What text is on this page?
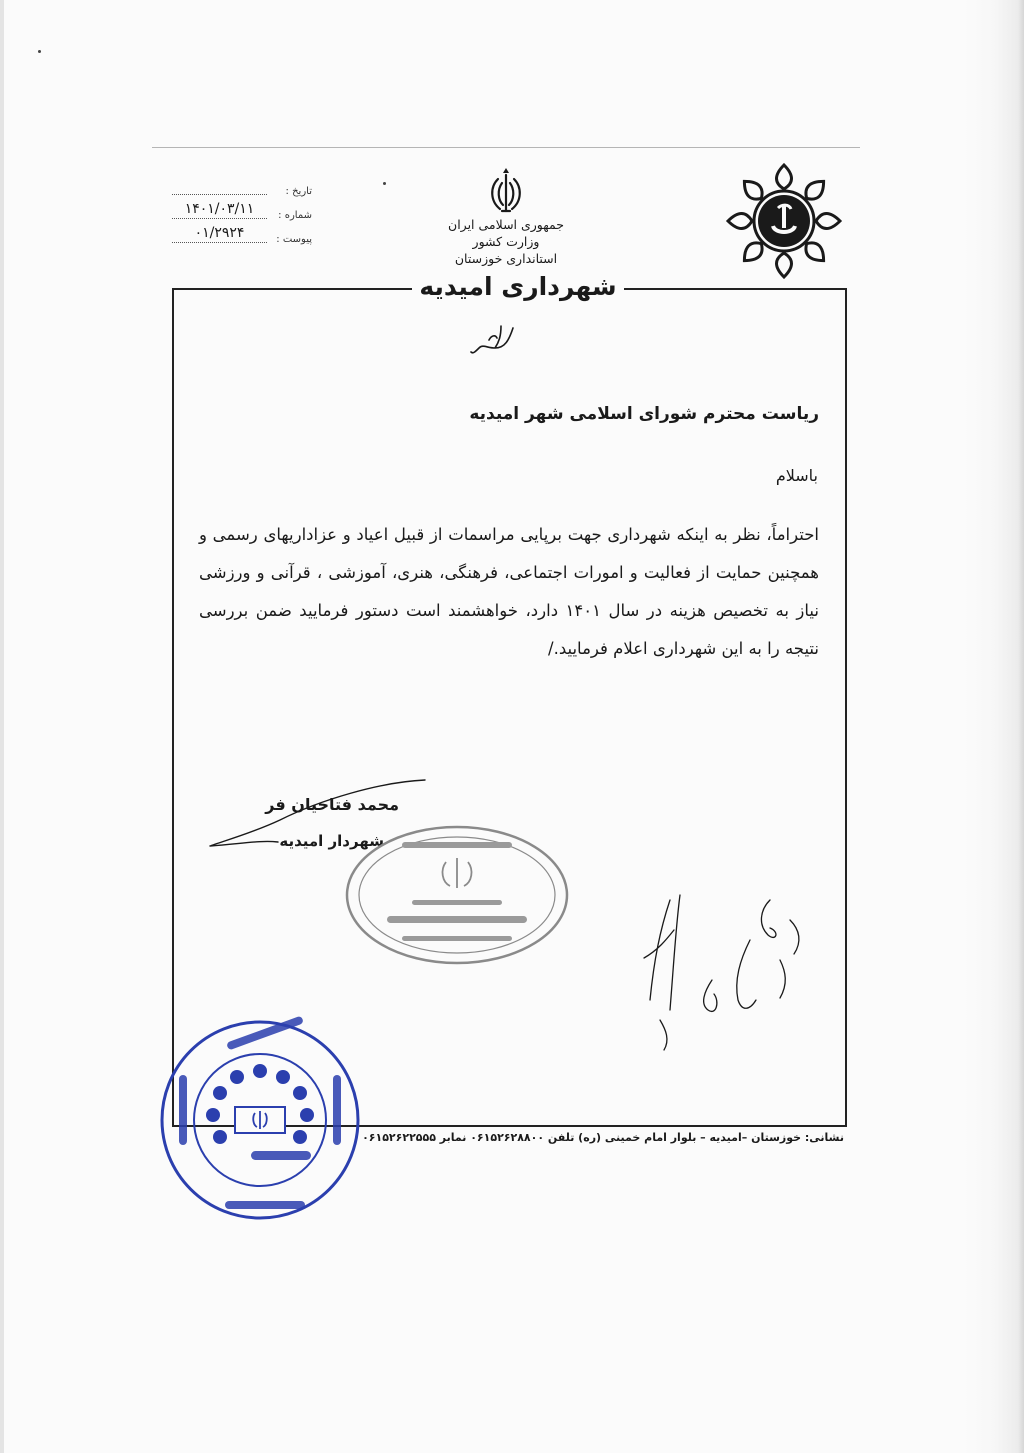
تاریخ :
شماره :
۱۴۰۱/۰۳/۱۱
پیوست :
۰۱/۲۹۲۴
جمهوری اسلامی ایران
وزارت کشور
استانداری خوزستان
شهرداری امیدیه
ریاست محترم شورای اسلامی شهر امیدیه
باسلام
احتراماً، نظر به اینکه شهرداری جهت برپایی مراسمات از قبیل اعیاد و عزاداریهای رسمی و همچنین حمایت از فعالیت و امورات اجتماعی، فرهنگی، هنری، آموزشی ، قرآنی و ورزشی نیاز به تخصیص هزینه در سال ۱۴۰۱ دارد، خواهشمند است دستور فرمایید ضمن بررسی نتیجه را به این شهرداری اعلام فرمایید./
محمد فتاحیان فر
شهردار امیدیه
نشانی: خوزستان –امیدیه – بلوار امام خمینی (ره) تلفن ۰۶۱۵۲۶۲۸۸۰۰ نمابر ۰۶۱۵۲۶۲۲۵۵۵
